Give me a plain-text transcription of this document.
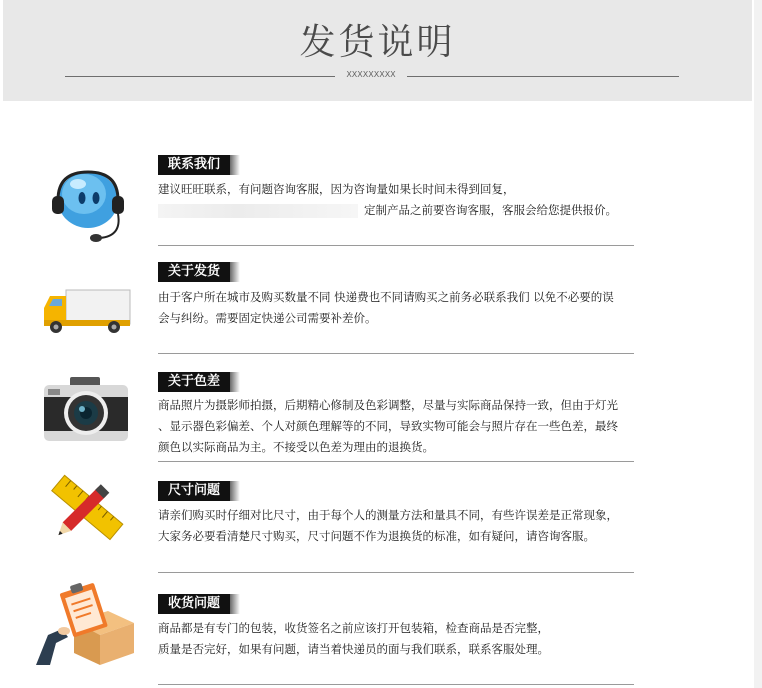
发货说明
XXXXXXXXX
联系我们

建议旺旺联系，有问题咨询客服，因为咨询量如果长时间未得到回复，

定制产品之前要咨询客服，客服会给您提供报价。

关于发货

由于客户所在城市及购买数量不同 快递费也不同请购买之前务必联系我们 以免不必要的误

会与纠纷。需要固定快递公司需要补差价。

关于色差

商品照片为摄影师拍摄，后期精心修制及色彩调整，尽量与实际商品保持一致，但由于灯光

、显示器色彩偏差、个人对颜色理解等的不同，导致实物可能会与照片存在一些色差，最终

颜色以实际商品为主。不接受以色差为理由的退换货。

尺寸问题

请亲们购买时仔细对比尺寸，由于每个人的测量方法和量具不同，有些许误差是正常现象，

大家务必要看清楚尺寸购买，尺寸问题不作为退换货的标准，如有疑问，请咨询客服。

收货问题

商品都是有专门的包装，收货签名之前应该打开包装箱，检查商品是否完整，

质量是否完好，如果有问题，请当着快递员的面与我们联系，联系客服处理。
